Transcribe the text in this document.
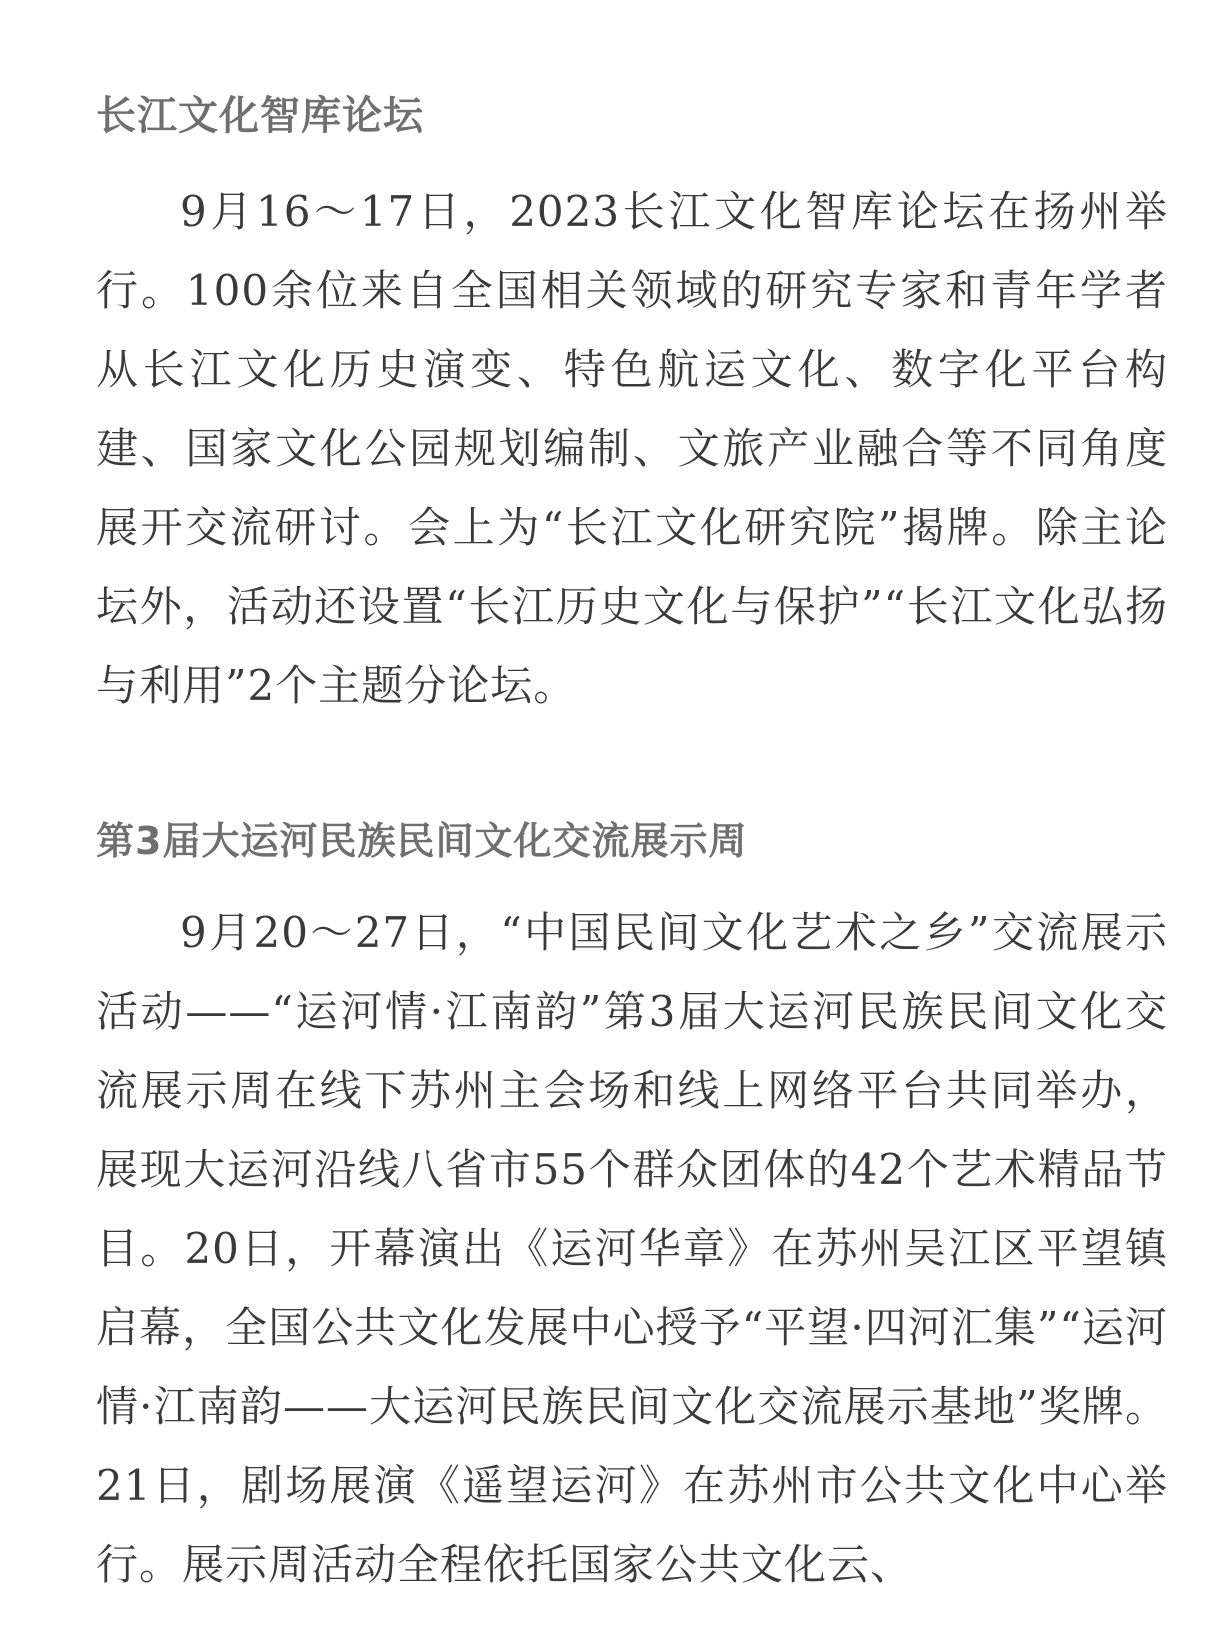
长江文化智库论坛

9月16～17日，2023长江文化智库论坛在扬州举行。100余位来自全国相关领域的研究专家和青年学者从长江文化历史演变、特色航运文化、数字化平台构建、国家文化公园规划编制、文旅产业融合等不同角度展开交流研讨。会上为“长江文化研究院”揭牌。除主论坛外，活动还设置“长江历史文化与保护”“长江文化弘扬与利用”2个主题分论坛。

第3届大运河民族民间文化交流展示周

9月20～27日，“中国民间文化艺术之乡”交流展示活动——“运河情·江南韵”第3届大运河民族民间文化交流展示周在线下苏州主会场和线上网络平台共同举办，展现大运河沿线八省市55个群众团体的42个艺术精品节目。20日，开幕演出《运河华章》在苏州吴江区平望镇启幕，全国公共文化发展中心授予“平望·四河汇集”“运河情·江南韵——大运河民族民间文化交流展示基地”奖牌。21日，剧场展演《遥望运河》在苏州市公共文化中心举行。展示周活动全程依托国家公共文化云、
